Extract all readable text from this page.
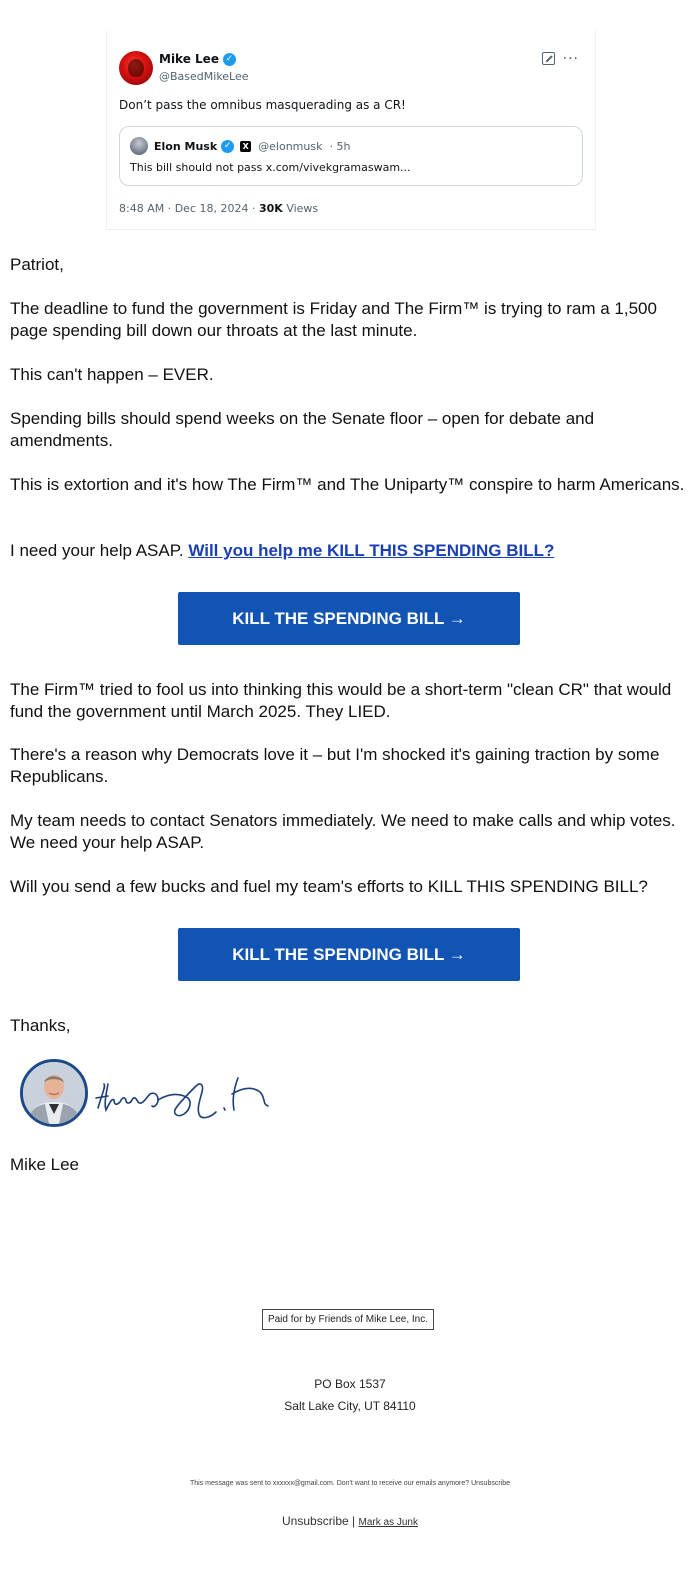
Mike Lee ✓
@BasedMikeLee
···
Don’t pass the omnibus masquerading as a CR!
Elon Musk ✓	X @elonmusk · 5h
This bill should not pass x.com/vivekgramaswam...
8:48 AM · Dec 18, 2024 · 30K Views

Patriot,

The deadline to fund the government is Friday and The Firm™ is trying to ram a 1,500 page spending bill down our throats at the last minute.

This can't happen – EVER.

Spending bills should spend weeks on the Senate floor – open for debate and amendments.

This is extortion and it's how The Firm™ and The Uniparty™ conspire to harm Americans.

I need your help ASAP. Will you help me KILL THIS SPENDING BILL?

KILL THE SPENDING BILL →

The Firm™ tried to fool us into thinking this would be a short-term "clean CR" that would fund the government until March 2025. They LIED.

There's a reason why Democrats love it – but I'm shocked it's gaining traction by some Republicans.

My team needs to contact Senators immediately. We need to make calls and whip votes. We need your help ASAP.

Will you send a few bucks and fuel my team's efforts to KILL THIS SPENDING BILL?

KILL THE SPENDING BILL →

Thanks,

Mike Lee

Paid for by Friends of Mike Lee, Inc.
PO Box 1537
Salt Lake City, UT 84110
This message was sent to xxxxxx@gmail.com. Don't want to receive our emails anymore? Unsubscribe
Unsubscribe | Mark as Junk
